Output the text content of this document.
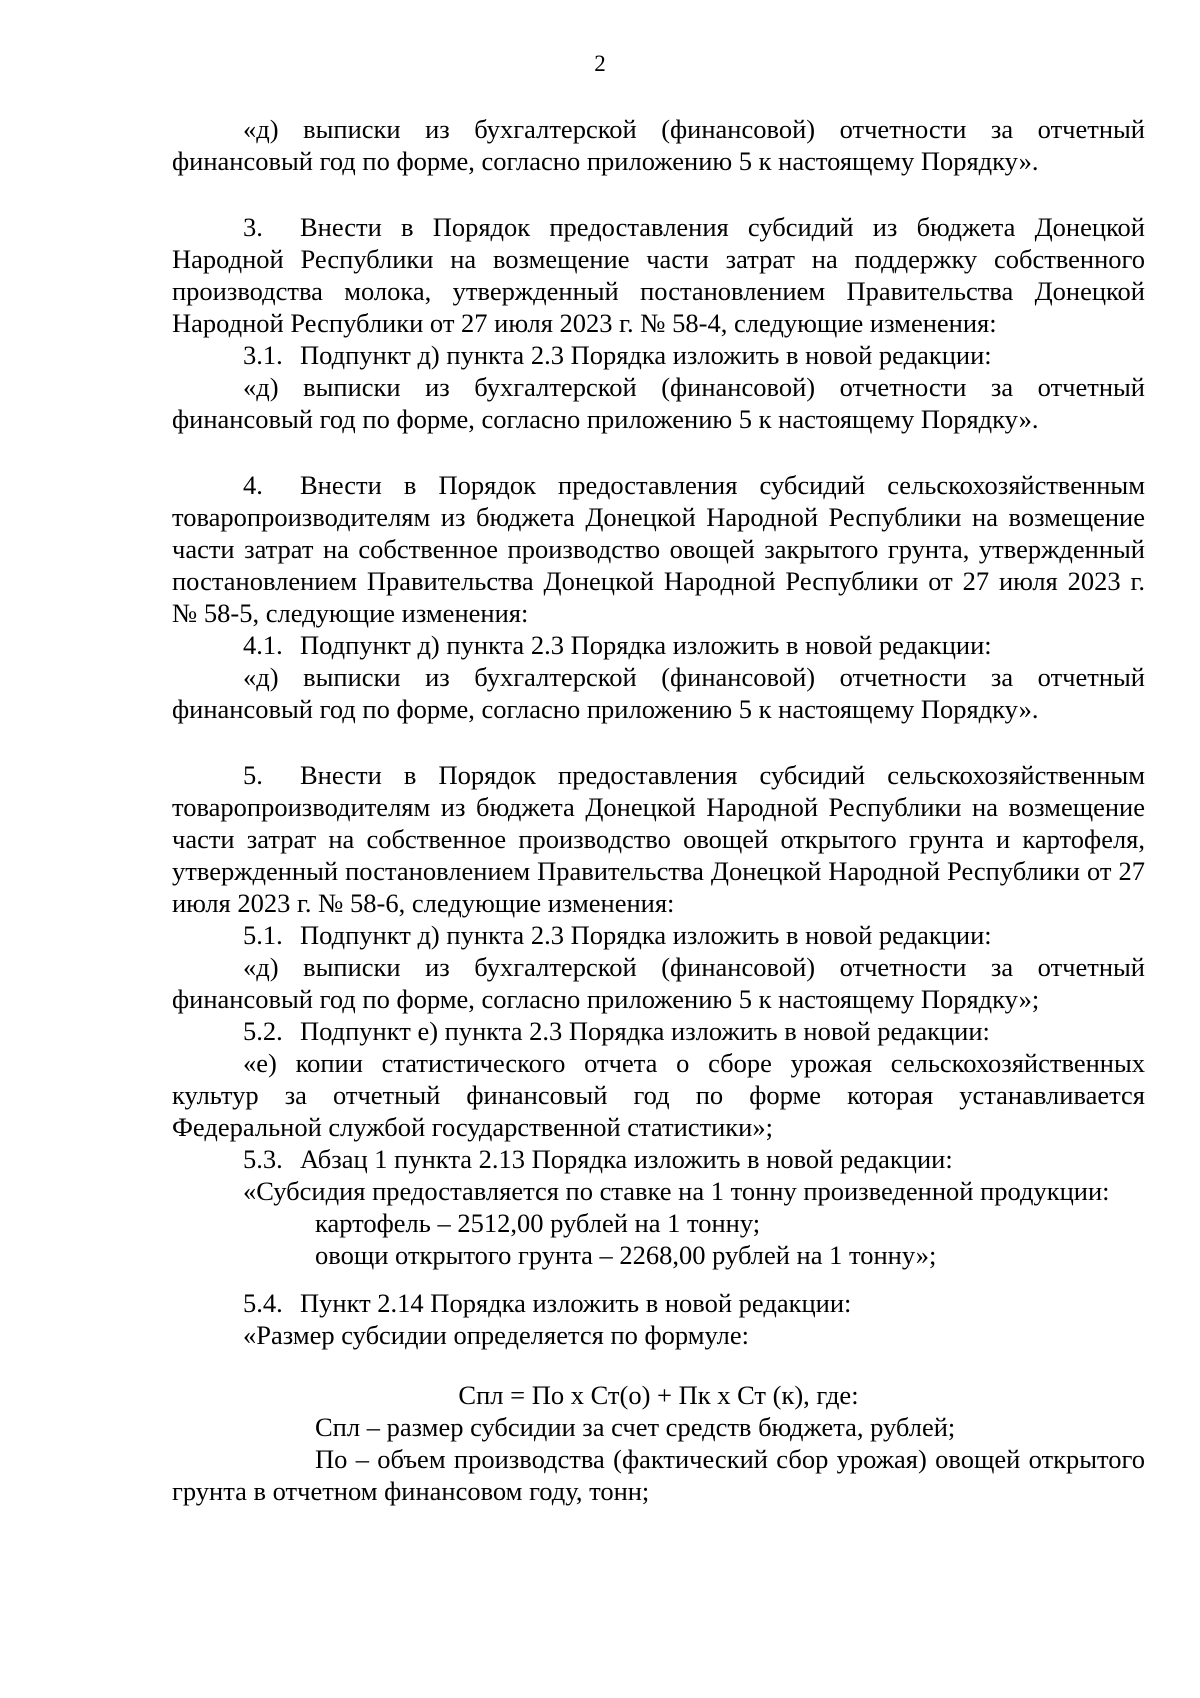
2

«д) выписки из бухгалтерской (финансовой) отчетности за отчетный финансовый год по форме, согласно приложению 5 к настоящему Порядку».

3. Внести в Порядок предоставления субсидий из бюджета Донецкой Народной Республики на возмещение части затрат на поддержку собственного производства молока, утвержденный постановлением Правительства Донецкой Народной Республики от 27 июля 2023 г. № 58-4, следующие изменения:

3.1. Подпункт д) пункта 2.3 Порядка изложить в новой редакции:

«д) выписки из бухгалтерской (финансовой) отчетности за отчетный финансовый год по форме, согласно приложению 5 к настоящему Порядку».

4. Внести в Порядок предоставления субсидий сельскохозяйственным товаропроизводителям из бюджета Донецкой Народной Республики на возмещение части затрат на собственное производство овощей закрытого грунта, утвержденный постановлением Правительства Донецкой Народной Республики от 27 июля 2023 г. № 58-5, следующие изменения:

4.1. Подпункт д) пункта 2.3 Порядка изложить в новой редакции:

«д) выписки из бухгалтерской (финансовой) отчетности за отчетный финансовый год по форме, согласно приложению 5 к настоящему Порядку».

5. Внести в Порядок предоставления субсидий сельскохозяйственным товаропроизводителям из бюджета Донецкой Народной Республики на возмещение части затрат на собственное производство овощей открытого грунта и картофеля, утвержденный постановлением Правительства Донецкой Народной Республики от 27 июля 2023 г. № 58-6, следующие изменения:

5.1. Подпункт д) пункта 2.3 Порядка изложить в новой редакции:

«д) выписки из бухгалтерской (финансовой) отчетности за отчетный финансовый год по форме, согласно приложению 5 к настоящему Порядку»;

5.2. Подпункт е) пункта 2.3 Порядка изложить в новой редакции:

«е) копии статистического отчета о сборе урожая сельскохозяйственных культур за отчетный финансовый год по форме которая устанавливается Федеральной службой государственной статистики»;

5.3. Абзац 1 пункта 2.13 Порядка изложить в новой редакции:

«Субсидия предоставляется по ставке на 1 тонну произведенной продукции:

картофель – 2512,00 рублей на 1 тонну;

овощи открытого грунта – 2268,00 рублей на 1 тонну»;

5.4. Пункт 2.14 Порядка изложить в новой редакции:

«Размер субсидии определяется по формуле:

Спл = По х Ст(о) + Пк х Ст (к), где:

Спл – размер субсидии за счет средств бюджета, рублей;

По – объем производства (фактический сбор урожая) овощей открытого грунта в отчетном финансовом году, тонн;
